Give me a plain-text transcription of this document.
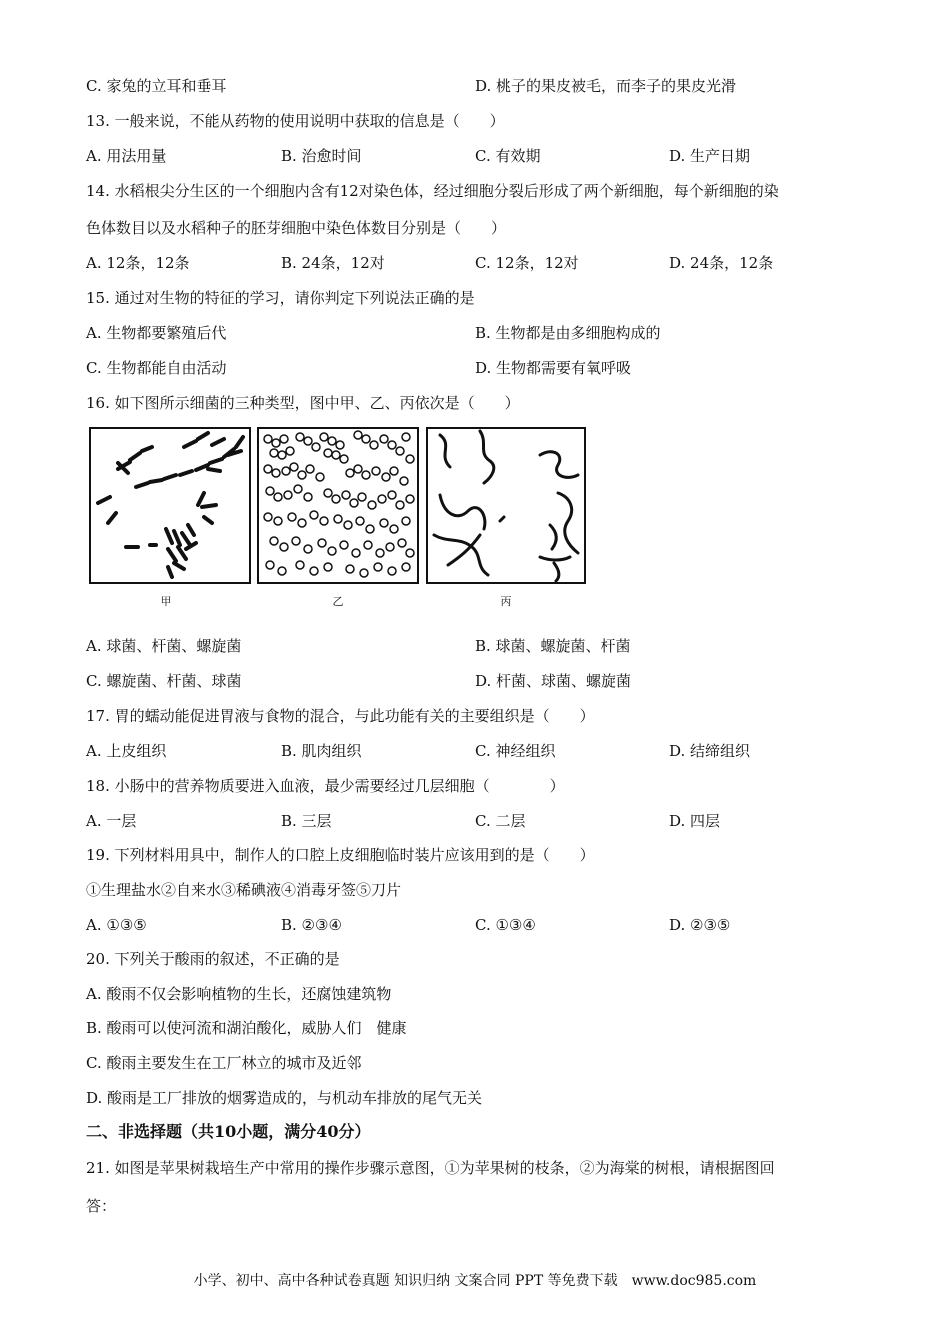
C. 家兔的立耳和垂耳	D. 桃子的果皮被毛，而李子的果皮光滑
13. 一般来说，不能从药物的使用说明中获取的信息是（　　）
A. 用法用量	B. 治愈时间	C. 有效期	D. 生产日期
14. 水稻根尖分生区的一个细胞内含有12对染色体，经过细胞分裂后形成了两个新细胞，每个新细胞的染
色体数目以及水稻种子的胚芽细胞中染色体数目分别是（　　）
A. 12条，12条	B. 24条，12对	C. 12条，12对	D. 24条，12条
15. 通过对生物的特征的学习，请你判定下列说法正确的是
A. 生物都要繁殖后代	B. 生物都是由多细胞构成的
C. 生物都能自由活动	D. 生物都需要有氧呼吸
16. 如下图所示细菌的三种类型，图中甲、乙、丙依次是（　　）
甲	乙	丙
A. 球菌、杆菌、螺旋菌	B. 球菌、螺旋菌、杆菌
C. 螺旋菌、杆菌、球菌	D. 杆菌、球菌、螺旋菌
17. 胃的蠕动能促进胃液与食物的混合，与此功能有关的主要组织是（　　）
A. 上皮组织	B. 肌肉组织	C. 神经组织	D. 结缔组织
18. 小肠中的营养物质要进入血液，最少需要经过几层细胞（　　　　）
A. 一层	B. 三层	C. 二层	D. 四层
19. 下列材料用具中，制作人的口腔上皮细胞临时装片应该用到的是（　　）
①生理盐水②自来水③稀碘液④消毒牙签⑤刀片
A. ①③⑤	B. ②③④	C. ①③④	D. ②③⑤
20. 下列关于酸雨的叙述，不正确的是
A. 酸雨不仅会影响植物的生长，还腐蚀建筑物
B. 酸雨可以使河流和湖泊酸化，威胁人们　健康
C. 酸雨主要发生在工厂林立的城市及近邻
D. 酸雨是工厂排放的烟雾造成的，与机动车排放的尾气无关
二、非选择题（共10小题，满分40分）
21. 如图是苹果树栽培生产中常用的操作步骤示意图，①为苹果树的枝条，②为海棠的树根，请根据图回
答：
小学、初中、高中各种试卷真题 知识归纳 文案合同 PPT 等免费下载　www.doc985.com
